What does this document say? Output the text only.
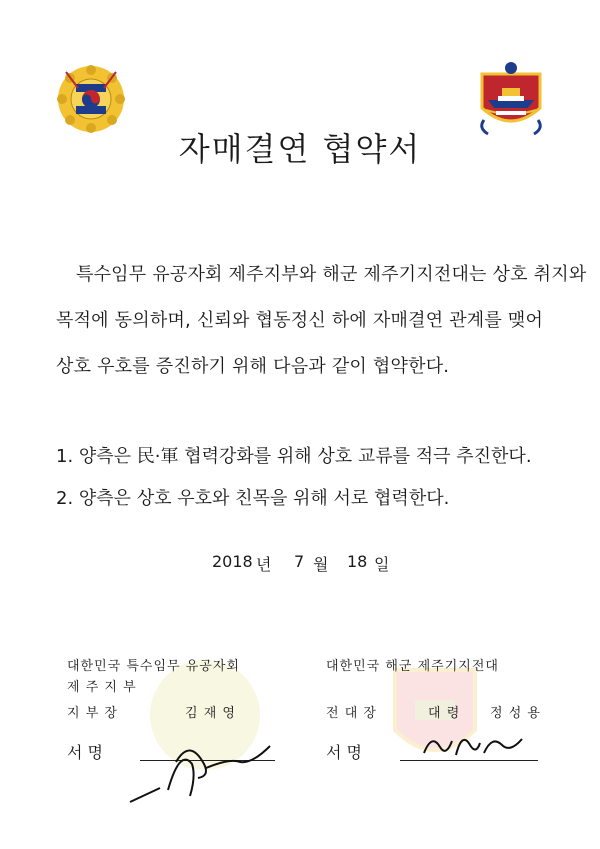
자매결연 협약서
특수임무 유공자회 제주지부와 해군 제주기지전대는 상호 취지와
목적에 동의하며, 신뢰와 협동정신 하에 자매결연 관계를 맺어
상호 우호를 증진하기 위해 다음과 같이 협약한다.
1. 양측은 民·軍 협력강화를 위해 상호 교류를 적극 추진한다.
2. 양측은 상호 우호와 친목을 위해 서로 협력한다.
2018 년 7 월 18 일
대한민국 특수임무 유공자회
제 주 지 부
지 부 장	김 재 영
서 명
대한민국 해군 제주기지전대
전 대 장	대 령 정 성 용
서 명
